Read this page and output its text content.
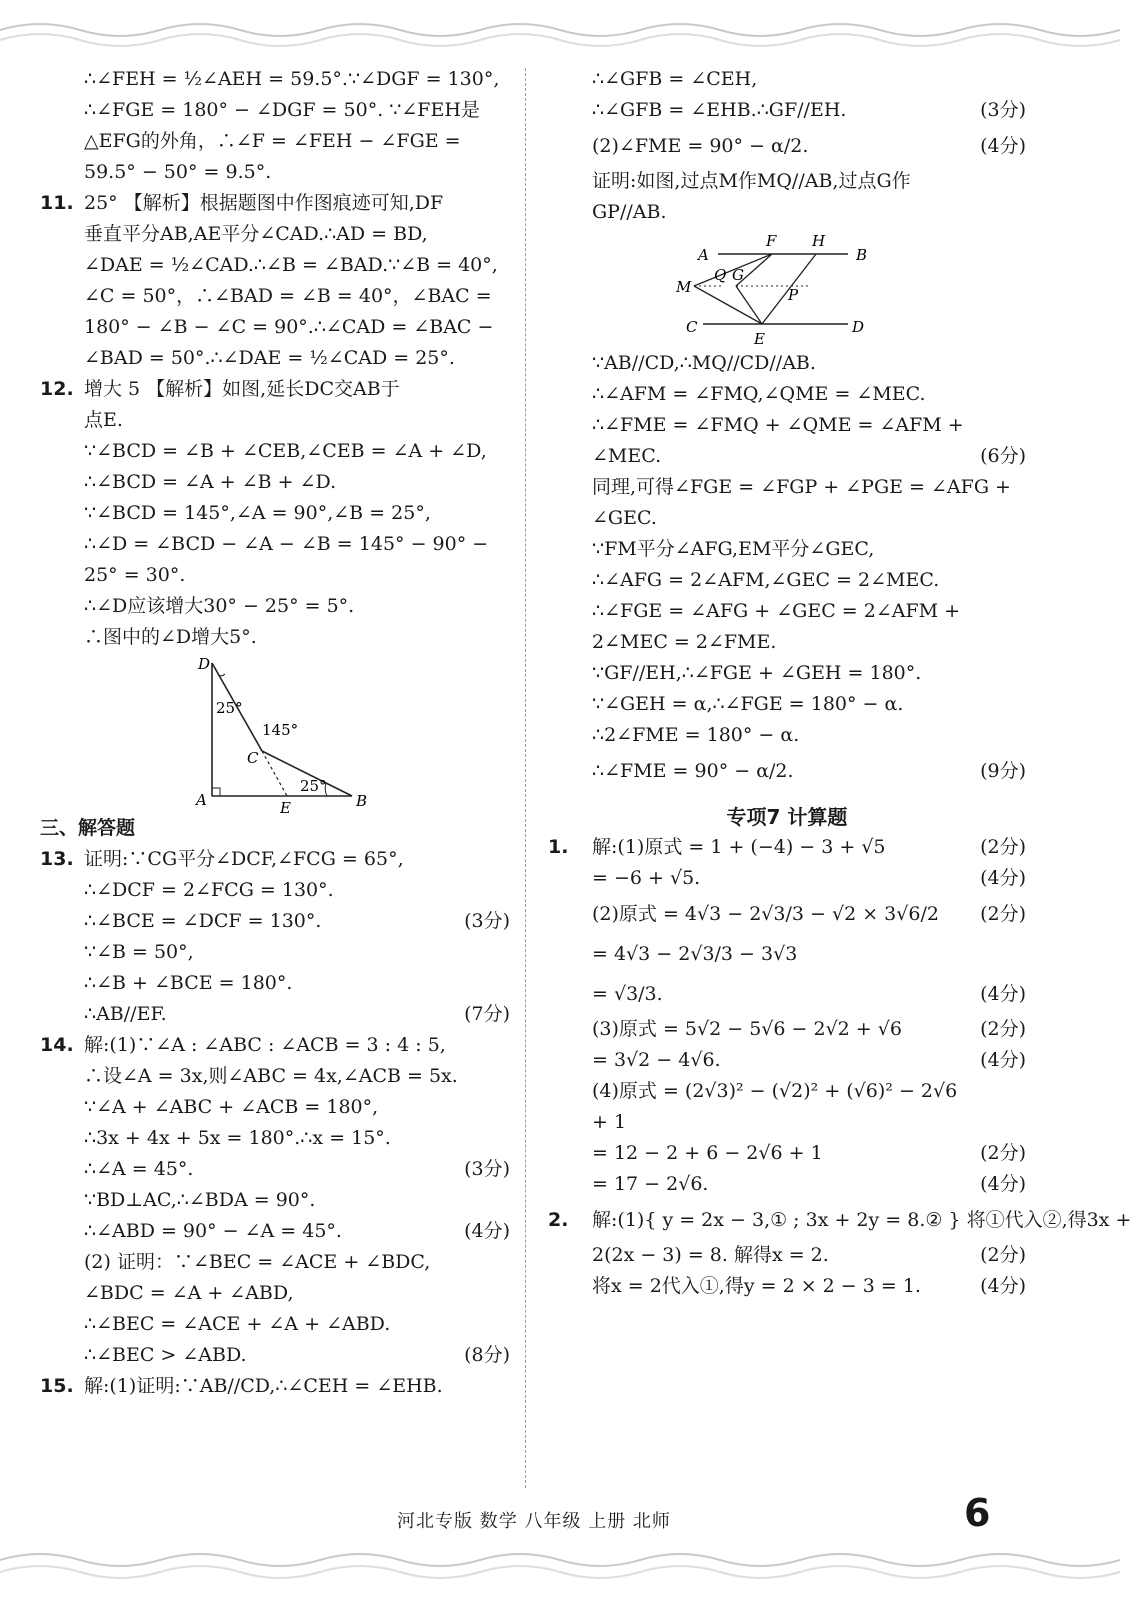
∴∠FEH = ½∠AEH = 59.5°.∵∠DGF = 130°,
∴∠FGE = 180° − ∠DGF = 50°. ∵∠FEH是
△EFG的外角，∴∠F = ∠FEH − ∠FGE =
59.5° − 50° = 9.5°.
11. 25° 【解析】根据题图中作图痕迹可知,DF
垂直平分AB,AE平分∠CAD.∴AD = BD,
∠DAE = ½∠CAD.∴∠B = ∠BAD.∵∠B = 40°,
∠C = 50°，∴∠BAD = ∠B = 40°，∠BAC =
180° − ∠B − ∠C = 90°.∴∠CAD = ∠BAC −
∠BAD = 50°.∴∠DAE = ½∠CAD = 25°.
12. 增大 5 【解析】如图,延长DC交AB于
点E.
∵∠BCD = ∠B + ∠CEB,∠CEB = ∠A + ∠D,
∴∠BCD = ∠A + ∠B + ∠D.
∵∠BCD = 145°,∠A = 90°,∠B = 25°,
∴∠D = ∠BCD − ∠A − ∠B = 145° − 90° −
25° = 30°.
∴∠D应该增大30° − 25° = 5°.
∴图中的∠D增大5°.
D
A
C
E	B
25°
145°
25°
三、解答题
13. 证明:∵CG平分∠DCF,∠FCG = 65°,
∴∠DCF = 2∠FCG = 130°.
∴∠BCE = ∠DCF = 130°.	(3分)
∵∠B = 50°,
∴∠B + ∠BCE = 180°.
∴AB//EF.	(7分)
14. 解:(1)∵∠A : ∠ABC : ∠ACB = 3 : 4 : 5,
∴设∠A = 3x,则∠ABC = 4x,∠ACB = 5x.
∵∠A + ∠ABC + ∠ACB = 180°,
∴3x + 4x + 5x = 180°.∴x = 15°.
∴∠A = 45°.	(3分)
∵BD⊥AC,∴∠BDA = 90°.
∴∠ABD = 90° − ∠A = 45°.	(4分)
(2) 证明：∵∠BEC = ∠ACE + ∠BDC,
∠BDC = ∠A + ∠ABD,
∴∠BEC = ∠ACE + ∠A + ∠ABD.
∴∠BEC > ∠ABD.	(8分)
15. 解:(1)证明:∵AB//CD,∴∠CEH = ∠EHB.
∴∠GFB = ∠CEH,
∴∠GFB = ∠EHB.∴GF//EH.	(3分)
(2)∠FME = 90° − α/2.	(4分)
证明:如图,过点M作MQ//AB,过点G作
GP//AB.
A
F H
B
M
Q G
P
C
E
D
∵AB//CD,∴MQ//CD//AB.
∴∠AFM = ∠FMQ,∠QME = ∠MEC.
∴∠FME = ∠FMQ + ∠QME = ∠AFM +
∠MEC.	(6分)
同理,可得∠FGE = ∠FGP + ∠PGE = ∠AFG +
∠GEC.
∵FM平分∠AFG,EM平分∠GEC,
∴∠AFG = 2∠AFM,∠GEC = 2∠MEC.
∴∠FGE = ∠AFG + ∠GEC = 2∠AFM +
2∠MEC = 2∠FME.
∵GF//EH,∴∠FGE + ∠GEH = 180°.
∵∠GEH = α,∴∠FGE = 180° − α.
∴2∠FME = 180° − α.
∴∠FME = 90° − α/2.	(9分)
专项7 计算题
1. 解:(1)原式 = 1 + (−4) − 3 + √5	(2分)
= −6 + √5.	(4分)
(2)原式 = 4√3 − 2√3/3 − √2 × 3√6/2 (2分)
= 4√3 − 2√3/3 − 3√3
= √3/3.	(4分)
(3)原式 = 5√2 − 5√6 − 2√2 + √6	(2分)
= 3√2 − 4√6.	(4分)
(4)原式 = (2√3)² − (√2)² + (√6)² − 2√6
+ 1
= 12 − 2 + 6 − 2√6 + 1	(2分)
= 17 − 2√6.	(4分)
2. 解:(1){ y = 2x − 3,① ; 3x + 2y = 8.② } 将①代入②,得3x +
2(2x − 3) = 8. 解得x = 2.	(2分)
将x = 2代入①,得y = 2 × 2 − 3 = 1.	(4分)
河北专版 数学 八年级 上册 北师	6
